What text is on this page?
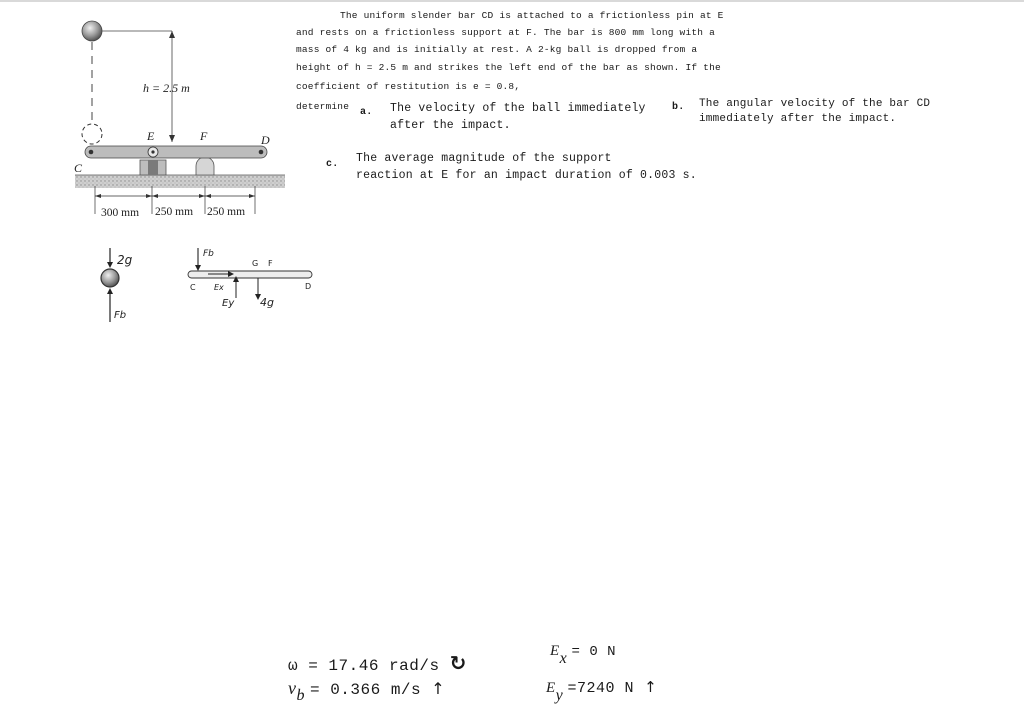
C
E	F	D
h = 2.5 m
300 mm 250 mm 250 mm
2g
Fb
Fb
C Ex
G F
D
Ey 4g
The uniform slender bar CD is attached to a frictionless pin at E
and rests on a frictionless support at F. The bar is 800 mm long with a
mass of 4 kg and is initially at rest. A 2-kg ball is dropped from a
height of h = 2.5 m and strikes the left end of the bar as shown. If the
coefficient of restitution is e = 0.8,
determine
a. The velocity of the ball immediately
after the impact.
b. The angular velocity of the bar CD
immediately after the impact.
c. The average magnitude of the support
reaction at E for an impact duration of 0.003 s.
ω = 17.46 rad/s ↻
$v_b = 0.366$ m/s ↑
$E_x = 0$ N
$E_y =7240$ N ↑
